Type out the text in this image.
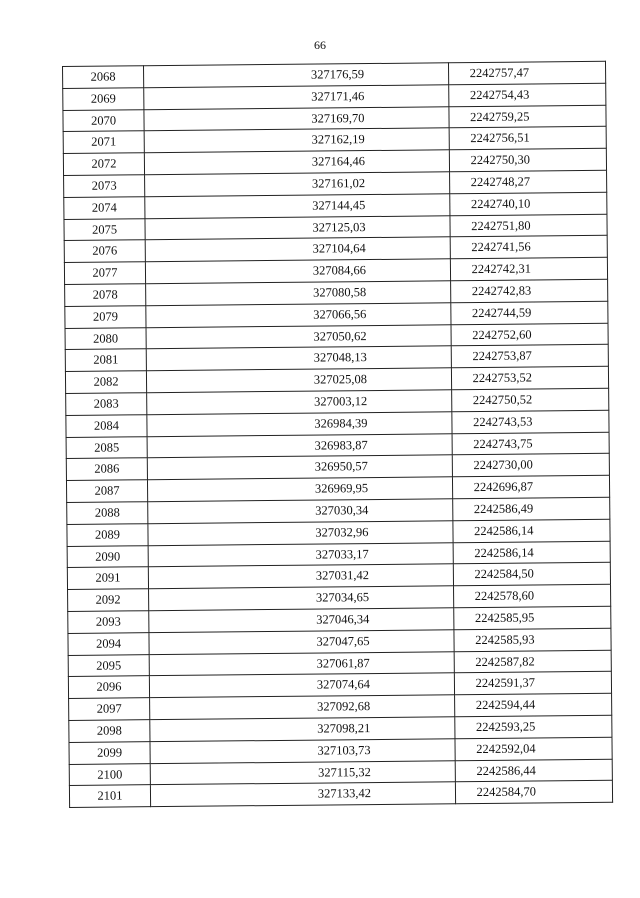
66
2068	327176,59	2242757,47
2069	327171,46	2242754,43
2070	327169,70	2242759,25
2071	327162,19	2242756,51
2072	327164,46	2242750,30
2073	327161,02	2242748,27
2074	327144,45	2242740,10
2075	327125,03	2242751,80
2076	327104,64	2242741,56
2077	327084,66	2242742,31
2078	327080,58	2242742,83
2079	327066,56	2242744,59
2080	327050,62	2242752,60
2081	327048,13	2242753,87
2082	327025,08	2242753,52
2083	327003,12	2242750,52
2084	326984,39	2242743,53
2085	326983,87	2242743,75
2086	326950,57	2242730,00
2087	326969,95	2242696,87
2088	327030,34	2242586,49
2089	327032,96	2242586,14
2090	327033,17	2242586,14
2091	327031,42	2242584,50
2092	327034,65	2242578,60
2093	327046,34	2242585,95
2094	327047,65	2242585,93
2095	327061,87	2242587,82
2096	327074,64	2242591,37
2097	327092,68	2242594,44
2098	327098,21	2242593,25
2099	327103,73	2242592,04
2100	327115,32	2242586,44
2101	327133,42	2242584,70
